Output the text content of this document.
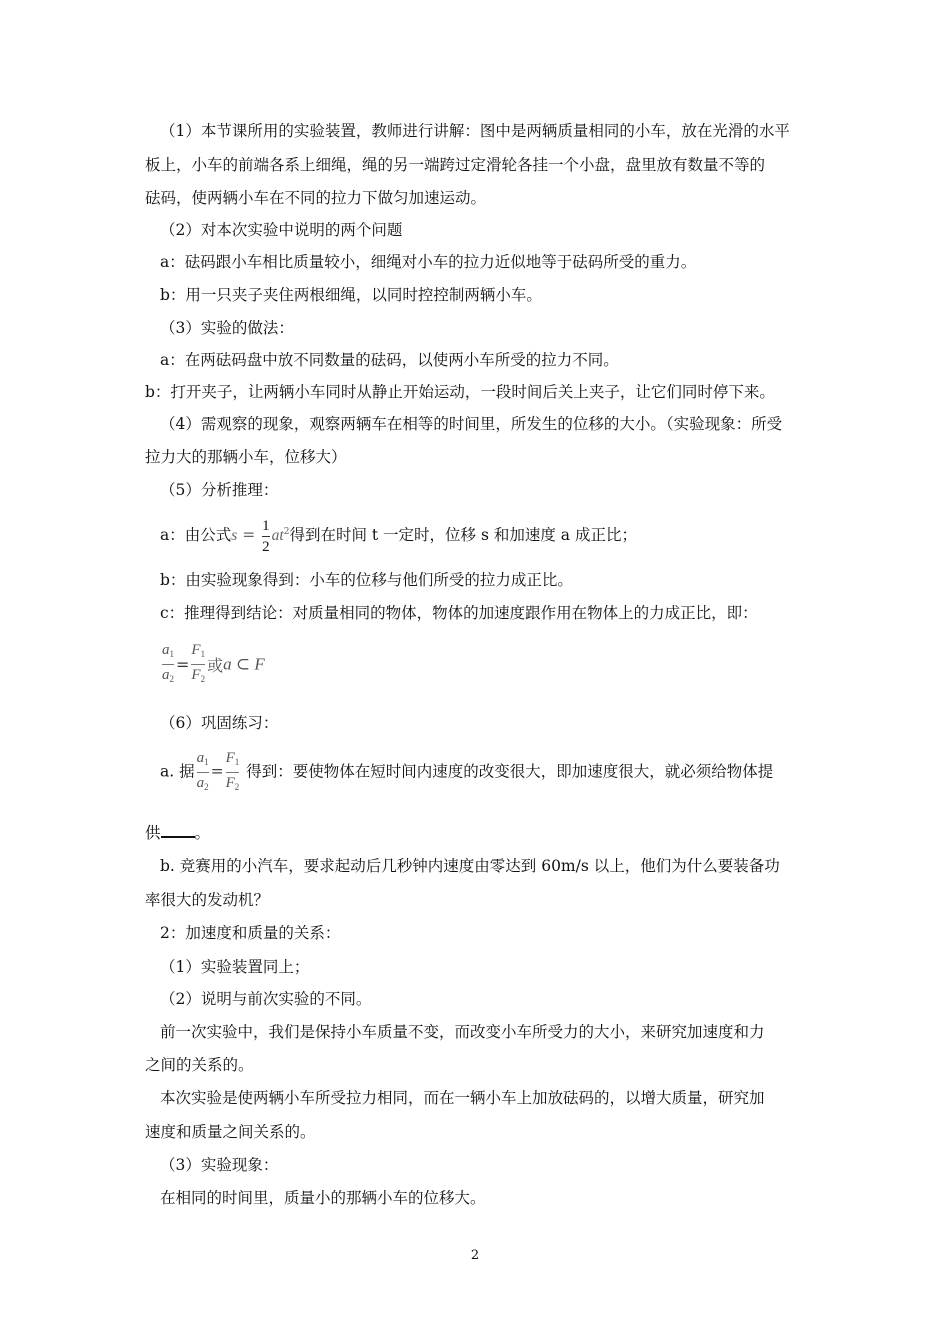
（1）本节课所用的实验装置，教师进行讲解：图中是两辆质量相同的小车，放在光滑的水平
板上，小车的前端各系上细绳，绳的另一端跨过定滑轮各挂一个小盘，盘里放有数量不等的
砝码，使两辆小车在不同的拉力下做匀加速运动。
（2）对本次实验中说明的两个问题
a：砝码跟小车相比质量较小，细绳对小车的拉力近似地等于砝码所受的重力。
b：用一只夹子夹住两根细绳，以同时控控制两辆小车。
（3）实验的做法：
a：在两砝码盘中放不同数量的砝码，以使两小车所受的拉力不同。
b：打开夹子，让两辆小车同时从静止开始运动，一段时间后关上夹子，让它们同时停下来。
（4）需观察的现象，观察两辆车在相等的时间里，所发生的位移的大小。（实验现象：所受
拉力大的那辆小车，位移大）
（5）分析推理：
a：由公式$s = \frac{1}{2} at^2$得到在时间 t 一定时，位移 s 和加速度 a 成正比；
b：由实验现象得到：小车的位移与他们所受的拉力成正比。
c：推理得到结论：对质量相同的物体，物体的加速度跟作用在物体上的力成正比，即：
$\frac{a_1}{a_2} = \frac{F_1}{F_2}$ 或a ⊂ F
（6）巩固练习：
a. 据 $\frac{a_1}{a_2} = \frac{F_1}{F_2}$ 得到：要使物体在短时间内速度的改变很大，即加速度很大，就必须给物体提
供 。
b. 竞赛用的小汽车，要求起动后几秒钟内速度由零达到 60m/s 以上，他们为什么要装备功
率很大的发动机？
2：加速度和质量的关系：
（1）实验装置同上；
（2）说明与前次实验的不同。
前一次实验中，我们是保持小车质量不变，而改变小车所受力的大小，来研究加速度和力
之间的关系的。
本次实验是使两辆小车所受拉力相同，而在一辆小车上加放砝码的，以增大质量，研究加
速度和质量之间关系的。
（3）实验现象：
在相同的时间里，质量小的那辆小车的位移大。
2
